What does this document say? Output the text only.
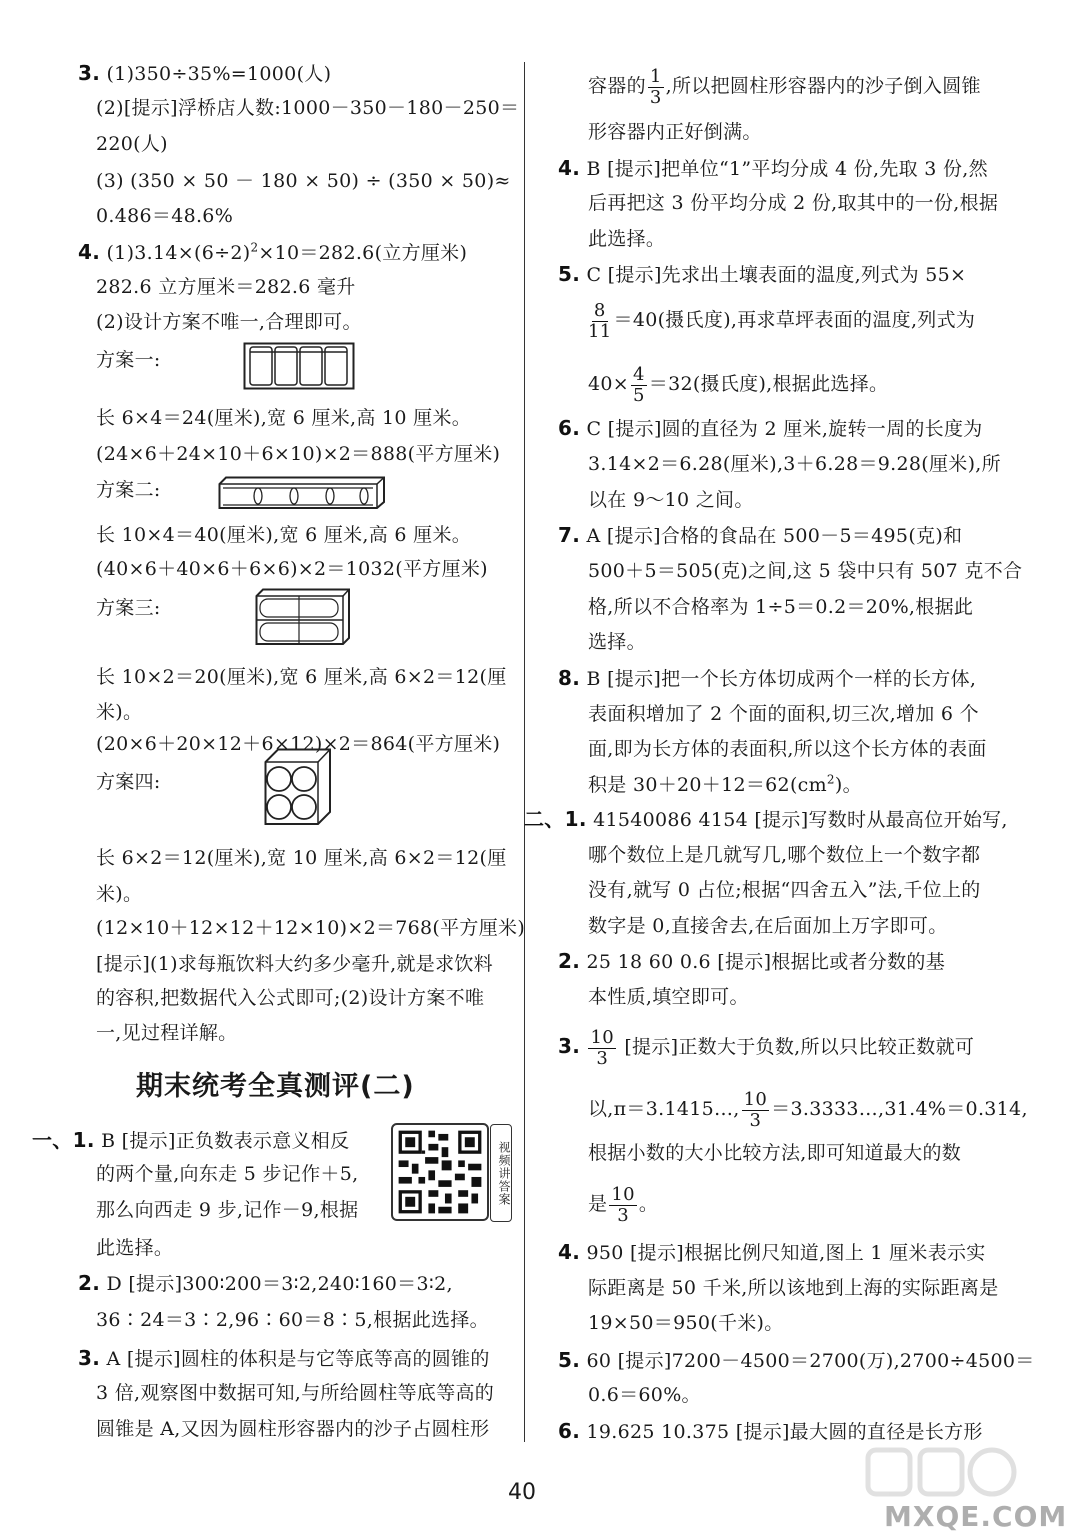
3. (1)350÷35%=1000(人)
(2)[提示]浮桥店人数:1000－350－180－250＝
220(人)
(3) (350 × 50 － 180 × 50) ÷ (350 × 50)≈
0.486＝48.6%
4. $(1)3.14\times(6\div 2)^2\times 10=282.6$(立方厘米)
282.6 立方厘米＝282.6 毫升
(2)设计方案不唯一,合理即可。
方案一:
长 6×4＝24(厘米),宽 6 厘米,高 10 厘米。
(24×6＋24×10＋6×10)×2＝888(平方厘米)
方案二:
长 10×4＝40(厘米),宽 6 厘米,高 6 厘米。
(40×6＋40×6＋6×6)×2＝1032(平方厘米)
方案三:
长 10×2＝20(厘米),宽 6 厘米,高 6×2＝12(厘
米)。
(20×6＋20×12＋6×12)×2＝864(平方厘米)
方案四:
长 6×2＝12(厘米),宽 10 厘米,高 6×2＝12(厘
米)。
(12×10＋12×12＋12×10)×2＝768(平方厘米)
[提示](1)求每瓶饮料大约多少毫升,就是求饮料
的容积,把数据代入公式即可;(2)设计方案不唯
一,见过程详解。
一、1. B [提示]正负数表示意义相反
的两个量,向东走 5 步记作＋5,
那么向西走 9 步,记作－9,根据
此选择。
2. D [提示]300∶200＝3∶2,240∶160＝3∶2,
36∶24＝3∶2,96∶60＝8∶5,根据此选择。
3. A [提示]圆柱的体积是与它等底等高的圆锥的
3 倍,观察图中数据可知,与所给圆柱等底等高的
圆锥是 A,又因为圆柱形容器内的沙子占圆柱形
期末统考全真测评(二)
视频讲答案
容器的 $\frac{1}{3}$ ,所以把圆柱形容器内的沙子倒入圆锥
形容器内正好倒满。
4. B [提示]把单位“1”平均分成 4 份,先取 3 份,然
后再把这 3 份平均分成 2 份,取其中的一份,根据
此选择。
5. C [提示]先求出土壤表面的温度,列式为 55×
$\frac{8}{11} =40$(摄氏度),再求草坪表面的温度,列式为
$40\times \frac{4}{5} =32$(摄氏度),根据此选择。
6. C [提示]圆的直径为 2 厘米,旋转一周的长度为
3.14×2＝6.28(厘米),3＋6.28＝9.28(厘米),所
以在 9～10 之间。
7. A [提示]合格的食品在 500－5＝495(克)和
500＋5＝505(克)之间,这 5 袋中只有 507 克不合
格,所以不合格率为 1÷5＝0.2＝20%,根据此
选择。
8. B [提示]把一个长方体切成两个一样的长方体,
表面积增加了 2 个面的面积,切三次,增加 6 个
面,即为长方体的表面积,所以这个长方体的表面
积是 $30+20+12=62(cm^2)$。
二、1. 41540086 4154 [提示]写数时从最高位开始写,
哪个数位上是几就写几,哪个数位上一个数字都
没有,就写 0 占位;根据“四舍五入”法,千位上的
数字是 0,直接舍去,在后面加上万字即可。
2. 25 18 60 0.6 [提示]根据比或者分数的基
本性质,填空即可。
3. $\frac{10}{3}$ [提示]正数大于负数,所以只比较正数就可
以,π＝3.1415…, $\frac{10}{3}$ ＝3.3333…,31.4%＝0.314,
根据小数的大小比较方法,即可知道最大的数
是 $\frac{10}{3}$ 。
4. 950 [提示]根据比例尺知道,图上 1 厘米表示实
际距离是 50 千米,所以该地到上海的实际距离是
19×50＝950(千米)。
5. 60 [提示]7200－4500＝2700(万),2700÷4500＝
0.6＝60%。
6. 19.625 10.375 [提示]最大圆的直径是长方形
40
MXQE.COM
